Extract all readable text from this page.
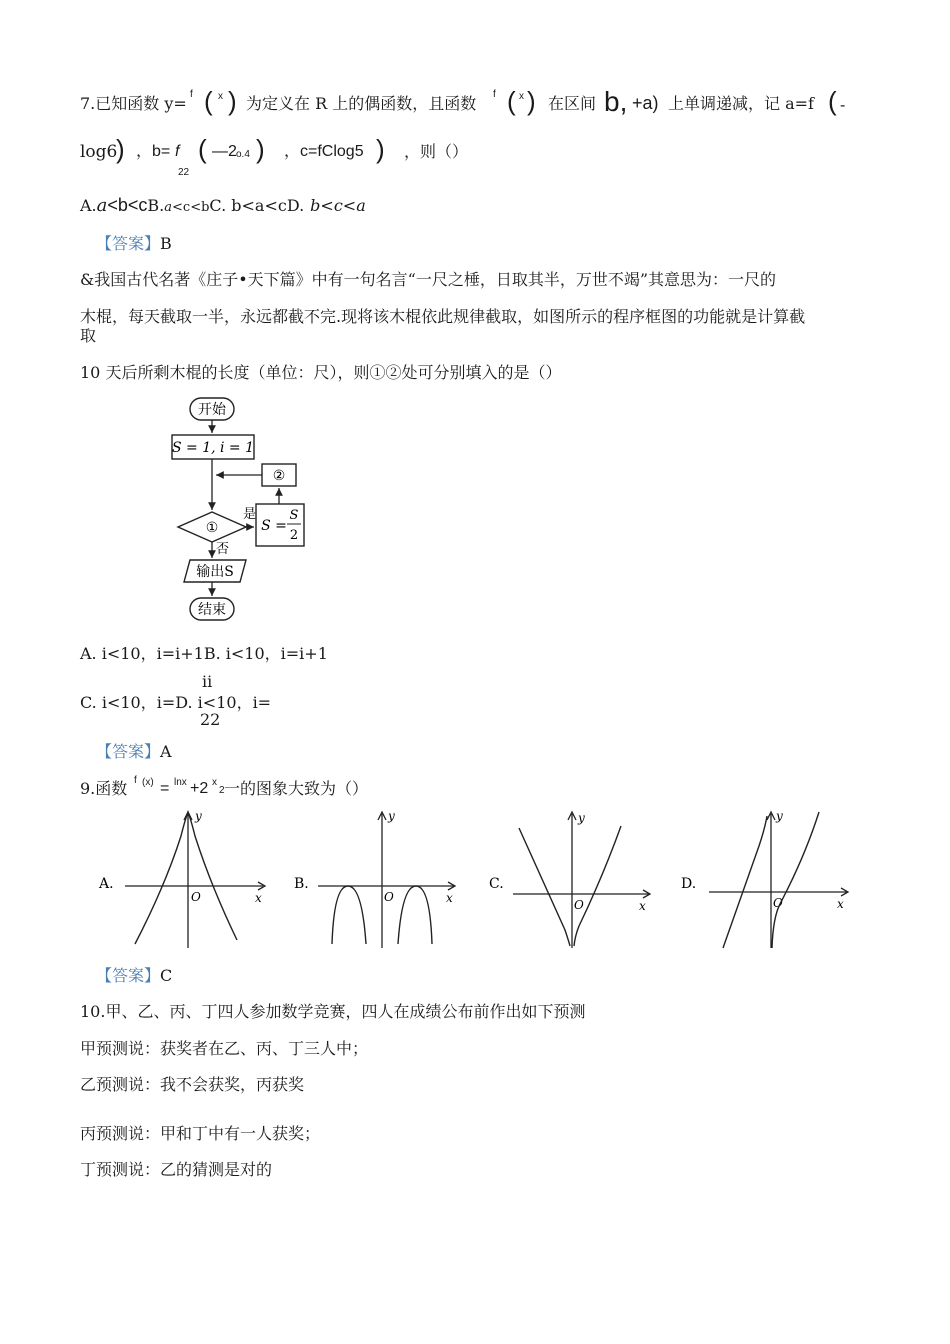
7.已知函数 y= f ( x ) 为定义在 R 上的偶函数，且函数 f ( x ) 在区间 b, +a) 上单调递减，记 a=f ( -
log6
) ，b= f
22
( —2 o.4 ) ，c=fClog5 ) ，则（）
A.a<b<cB.a<c<bC. b<a<cD. b<c<a
【答案】B
&我国古代名著《庄子•天下篇》中有一句名言“一尺之棰，日取其半，万世不竭”其意思为：一尺的
木棍，每天截取一半，永远都截不完.现将该木棍依此规律截取，如图所示的程序框图的功能就是计算截
取
10 天后所剩木棍的长度（单位：尺），则①②处可分别填入的是（）
开始
S = 1, i = 1
②
①
是
S =
S
2
否
输出S
结束
A. i<10，i=i+1B. i<10，i=i+1
ii
C. i<10，i=D. i<10，i=
22
【答案】A
9.函数 f (x) = lnx +2 x
2 一的图象大致为（）
A.
y
O	x
B.
y
O	x
C.
y
O	x
D.
y
O	x
【答案】C
10.甲、乙、丙、丁四人参加数学竞赛，四人在成绩公布前作出如下预测
甲预测说：获奖者在乙、丙、丁三人中；
乙预测说：我不会获奖，丙获奖
丙预测说：甲和丁中有一人获奖；
丁预测说：乙的猜测是对的
